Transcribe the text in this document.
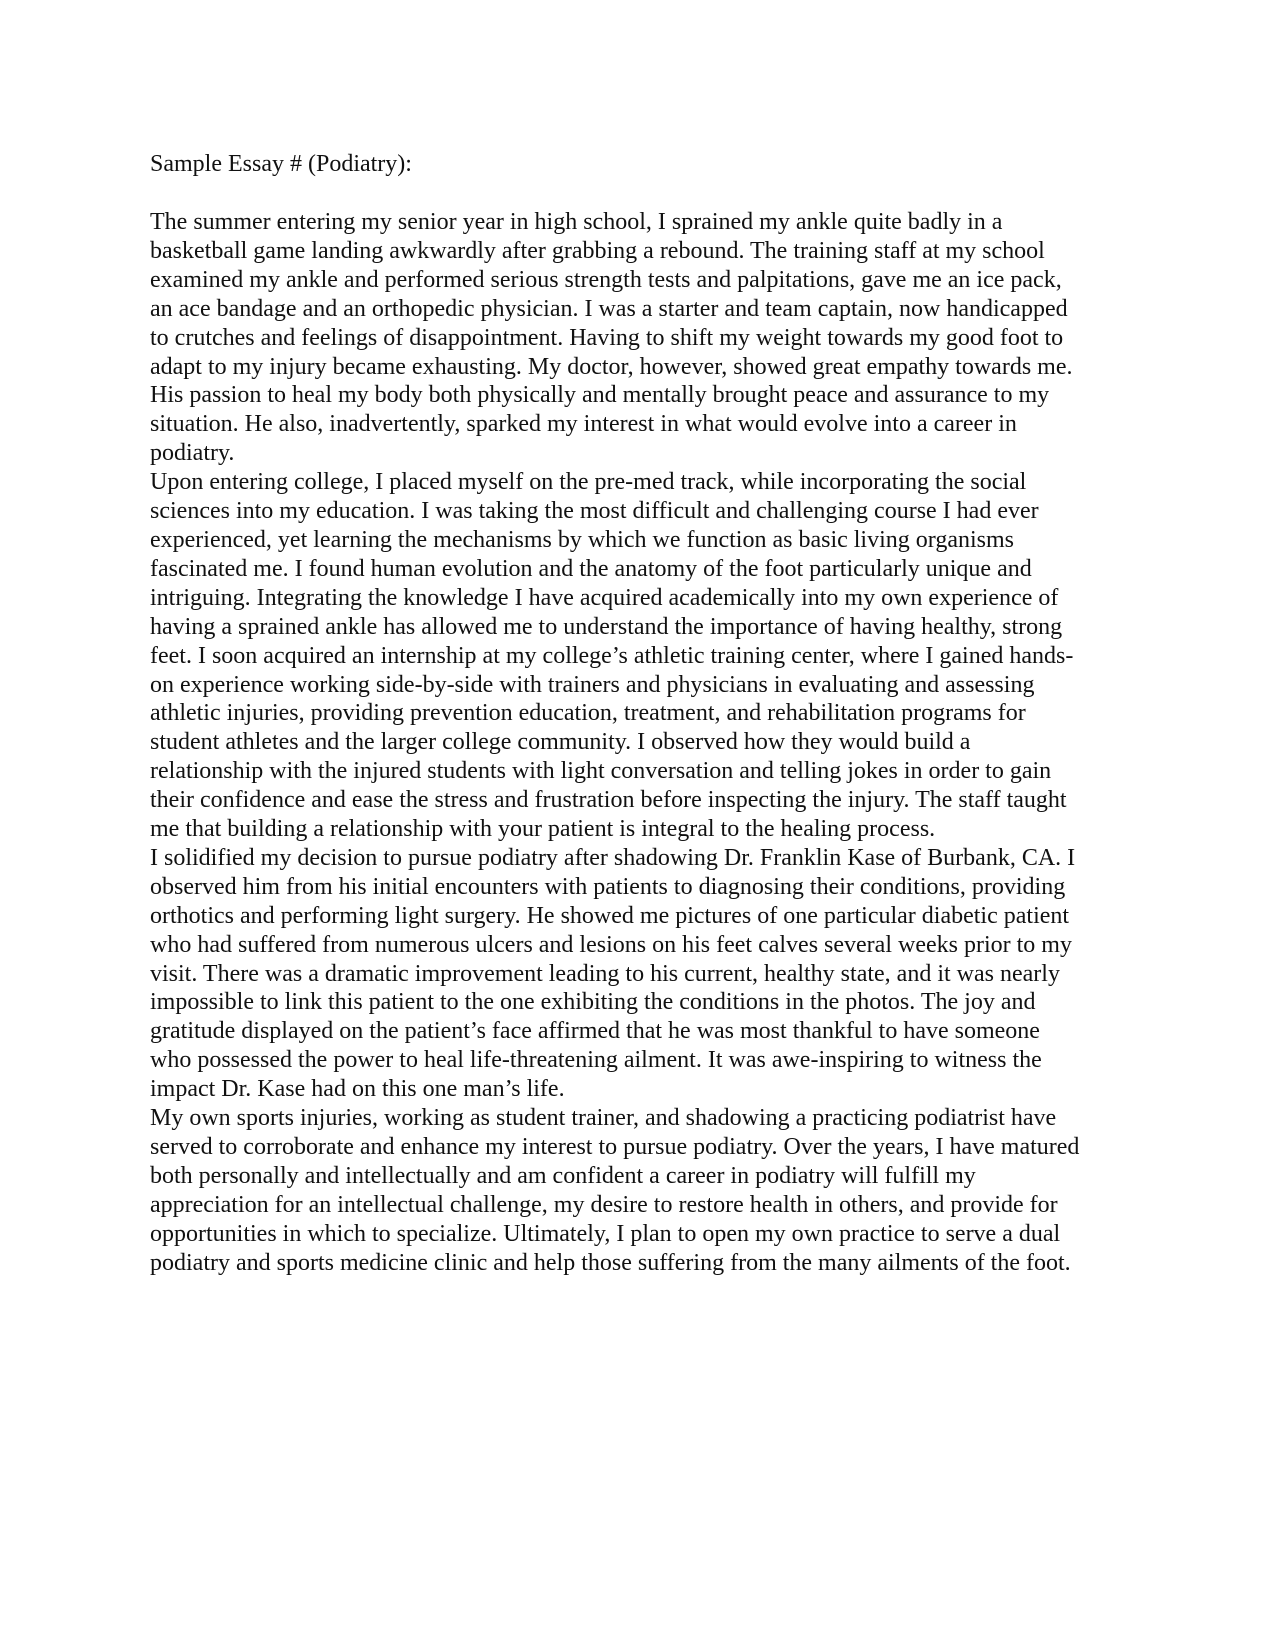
Sample Essay # (Podiatry):

The summer entering my senior year in high school, I sprained my ankle quite badly in a
basketball game landing awkwardly after grabbing a rebound. The training staff at my school
examined my ankle and performed serious strength tests and palpitations, gave me an ice pack,
an ace bandage and an orthopedic physician. I was a starter and team captain, now handicapped
to crutches and feelings of disappointment. Having to shift my weight towards my good foot to
adapt to my injury became exhausting. My doctor, however, showed great empathy towards me.
His passion to heal my body both physically and mentally brought peace and assurance to my
situation. He also, inadvertently, sparked my interest in what would evolve into a career in
podiatry.

Upon entering college, I placed myself on the pre-med track, while incorporating the social
sciences into my education. I was taking the most difficult and challenging course I had ever
experienced, yet learning the mechanisms by which we function as basic living organisms
fascinated me. I found human evolution and the anatomy of the foot particularly unique and
intriguing. Integrating the knowledge I have acquired academically into my own experience of
having a sprained ankle has allowed me to understand the importance of having healthy, strong
feet. I soon acquired an internship at my college’s athletic training center, where I gained hands-
on experience working side-by-side with trainers and physicians in evaluating and assessing
athletic injuries, providing prevention education, treatment, and rehabilitation programs for
student athletes and the larger college community. I observed how they would build a
relationship with the injured students with light conversation and telling jokes in order to gain
their confidence and ease the stress and frustration before inspecting the injury. The staff taught
me that building a relationship with your patient is integral to the healing process.

I solidified my decision to pursue podiatry after shadowing Dr. Franklin Kase of Burbank, CA. I
observed him from his initial encounters with patients to diagnosing their conditions, providing
orthotics and performing light surgery. He showed me pictures of one particular diabetic patient
who had suffered from numerous ulcers and lesions on his feet calves several weeks prior to my
visit. There was a dramatic improvement leading to his current, healthy state, and it was nearly
impossible to link this patient to the one exhibiting the conditions in the photos. The joy and
gratitude displayed on the patient’s face affirmed that he was most thankful to have someone
who possessed the power to heal life-threatening ailment. It was awe-inspiring to witness the
impact Dr. Kase had on this one man’s life.

My own sports injuries, working as student trainer, and shadowing a practicing podiatrist have
served to corroborate and enhance my interest to pursue podiatry. Over the years, I have matured
both personally and intellectually and am confident a career in podiatry will fulfill my
appreciation for an intellectual challenge, my desire to restore health in others, and provide for
opportunities in which to specialize. Ultimately, I plan to open my own practice to serve a dual
podiatry and sports medicine clinic and help those suffering from the many ailments of the foot.
